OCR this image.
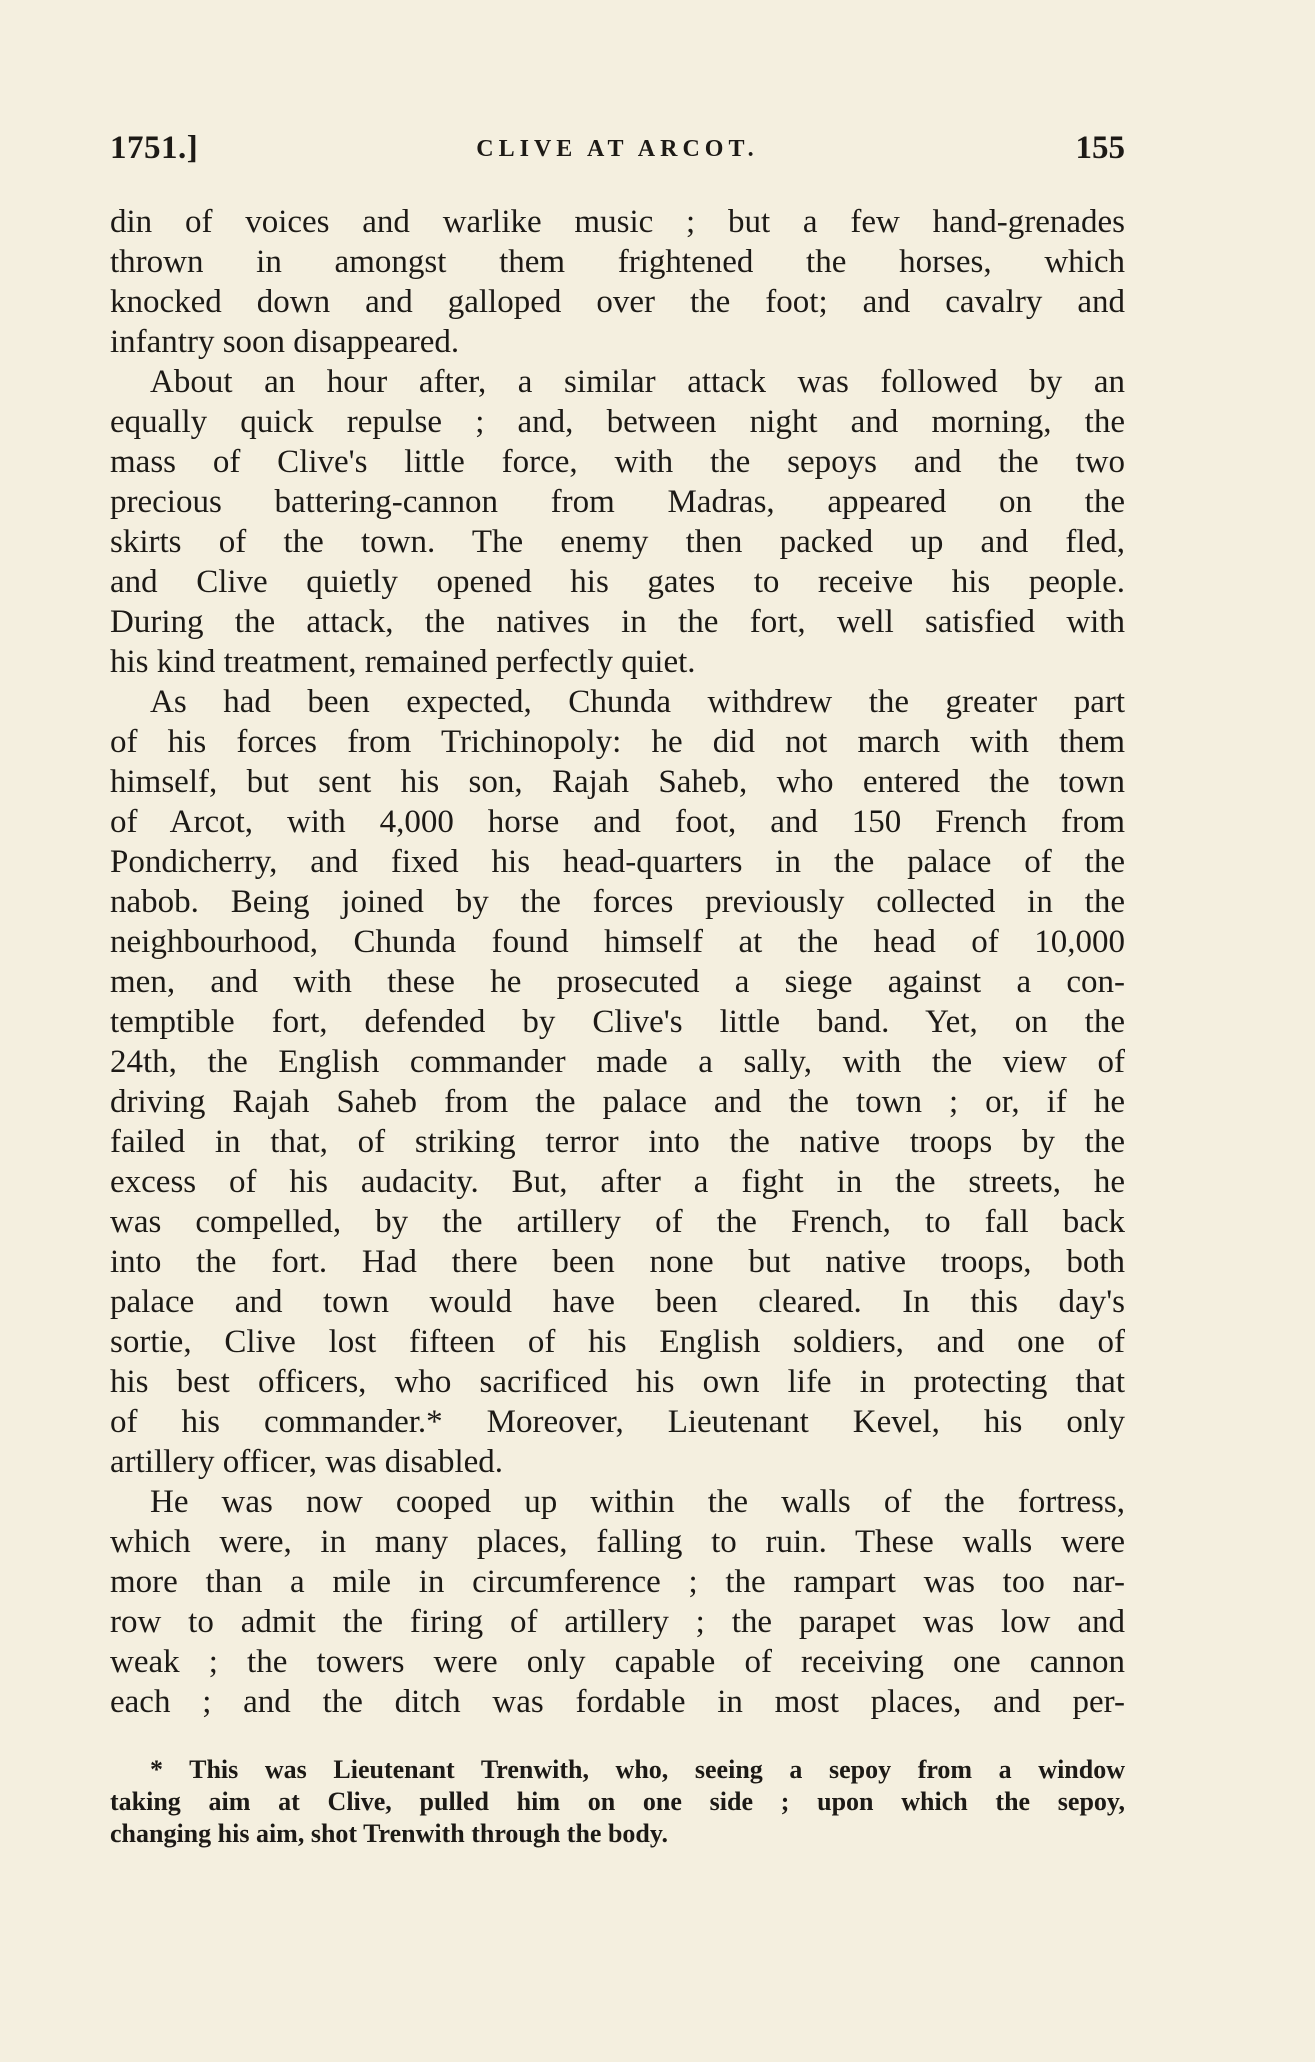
1751.]	CLIVE AT ARCOT.	155
din of voices and warlike music ; but a few hand-grenades
thrown in amongst them frightened the horses, which
knocked down and galloped over the foot; and cavalry and
infantry soon disappeared.
About an hour after, a similar attack was followed by an
equally quick repulse ; and, between night and morning, the
mass of Clive's little force, with the sepoys and the two
precious battering-cannon from Madras, appeared on the
skirts of the town. The enemy then packed up and fled,
and Clive quietly opened his gates to receive his people.
During the attack, the natives in the fort, well satisfied with
his kind treatment, remained perfectly quiet.
As had been expected, Chunda withdrew the greater part
of his forces from Trichinopoly: he did not march with them
himself, but sent his son, Rajah Saheb, who entered the town
of Arcot, with 4,000 horse and foot, and 150 French from
Pondicherry, and fixed his head-quarters in the palace of the
nabob. Being joined by the forces previously collected in the
neighbourhood, Chunda found himself at the head of 10,000
men, and with these he prosecuted a siege against a con-
temptible fort, defended by Clive's little band. Yet, on the
24th, the English commander made a sally, with the view of
driving Rajah Saheb from the palace and the town ; or, if he
failed in that, of striking terror into the native troops by the
excess of his audacity. But, after a fight in the streets, he
was compelled, by the artillery of the French, to fall back
into the fort. Had there been none but native troops, both
palace and town would have been cleared. In this day's
sortie, Clive lost fifteen of his English soldiers, and one of
his best officers, who sacrificed his own life in protecting that
of his commander.* Moreover, Lieutenant Kevel, his only
artillery officer, was disabled.
He was now cooped up within the walls of the fortress,
which were, in many places, falling to ruin. These walls were
more than a mile in circumference ; the rampart was too nar-
row to admit the firing of artillery ; the parapet was low and
weak ; the towers were only capable of receiving one cannon
each ; and the ditch was fordable in most places, and per-
* This was Lieutenant Trenwith, who, seeing a sepoy from a window
taking aim at Clive, pulled him on one side ; upon which the sepoy,
changing his aim, shot Trenwith through the body.
